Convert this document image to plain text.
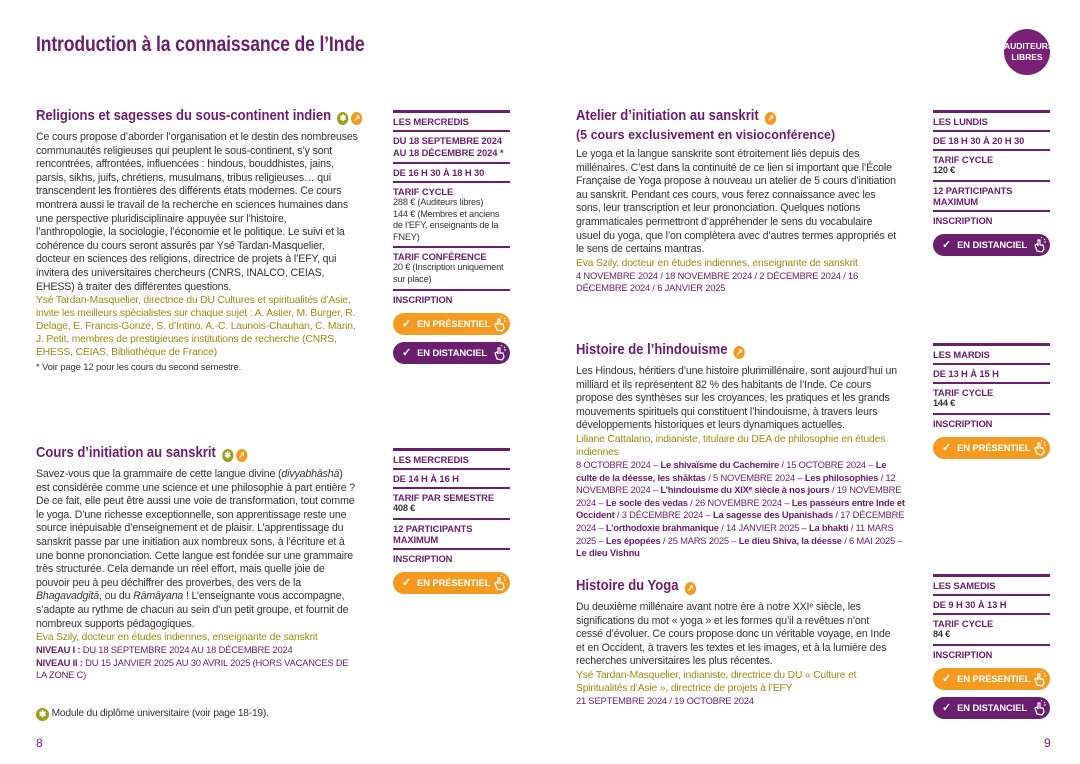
Introduction à la connaissance de l’Inde	AUDITEURS
LIBRES
Religions et sagesses du sous-continent indien ✱ ↗
Ce cours propose d’aborder l’organisation et le destin des nombreuses communautés religieuses qui peuplent le sous-continent, s’y sont rencontrées, affrontées, influencées : hindous, bouddhistes, jains, parsis, sikhs, juifs, chrétiens, musulmans, tribus religieuses… qui transcendent les frontières des différents états modernes. Ce cours montrera aussi le travail de la recherche en sciences humaines dans une perspective pluridisciplinaire appuyée sur l’histoire, l’anthropologie, la sociologie, l’économie et le politique. Le suivi et la cohérence du cours seront assurés par Ysé Tardan-Masquelier, docteur en sciences des religions, directrice de projets à l’EFY, qui invitera des universitaires chercheurs (CNRS, INALCO, CEIAS, EHESS) à traiter des différentes questions.
Ysé Tardan-Masquelier, directrice du DU Cultures et spiritualités d’Asie, invite les meilleurs spécialistes sur chaque sujet : A. Astier, M. Burger, R. Delage, E. Francis-Gonze, S. d’Intino, A.-C. Launois-Chauhan, C. Marin, J. Petit, membres de prestigieuses institutions de recherche (CNRS, EHESS, CEIAS, Bibliothèque de France)
* Voir page 12 pour les cours du second semestre.
LES MERCREDIS
DU 18 SEPTEMBRE 2024 AU 18 DÉCEMBRE 2024 *
DE 16 H 30 À 18 H 30
TARIF CYCLE
288 € (Auditeurs libres)
144 € (Membres et anciens de l’EFY, enseignants de la FNEY)
TARIF CONFÉRENCE
20 € (Inscription uniquement sur place)
INSCRIPTION
✓ EN PRÉSENTIEL
✓ EN DISTANCIEL
Cours d’initiation au sanskrit ✱ ↗
Savez-vous que la grammaire de cette langue divine (divyabhāshā) est considérée comme une science et une philosophie à part entière ? De ce fait, elle peut être aussi une voie de transformation, tout comme le yoga. D’une richesse exceptionnelle, son apprentissage reste une source inépuisable d’enseignement et de plaisir. L’apprentissage du sanskrit passe par une initiation aux nombreux sons, à l’écriture et à une bonne prononciation. Cette langue est fondée sur une grammaire très structurée. Cela demande un réel effort, mais quelle joie de pouvoir peu à peu déchiffrer des proverbes, des vers de la Bhagavadgītā, ou du Rāmāyana ! L’enseignante vous accompagne, s’adapte au rythme de chacun au sein d’un petit groupe, et fournit de nombreux supports pédagogiques.
Eva Szily, docteur en études indiennes, enseignante de sanskrit
NIVEAU I : DU 18 SEPTEMBRE 2024 AU 18 DÉCEMBRE 2024
NIVEAU II : DU 15 JANVIER 2025 AU 30 AVRIL 2025 (HORS VACANCES DE LA ZONE C)
LES MERCREDIS
DE 14 H À 16 H
TARIF PAR SEMESTRE
408 €
12 PARTICIPANTS MAXIMUM
INSCRIPTION
✓ EN PRÉSENTIEL
✱ Module du diplôme universitaire (voir page 18-19).
Atelier d’initiation au sanskrit ↗
(5 cours exclusivement en visioconférence)
Le yoga et la langue sanskrite sont étroitement liés depuis des millénaires. C’est dans la continuité de ce lien si important que l’École Française de Yoga propose à nouveau un atelier de 5 cours d’initiation au sanskrit. Pendant ces cours, vous ferez connaissance avec les sons, leur transcription et leur prononciation. Quelques notions grammaticales permettront d’appréhender le sens du vocabulaire usuel du yoga, que l’on complètera avec d’autres termes appropriés et le sens de certains mantras.
Eva Szily, docteur en études indiennes, enseignante de sanskrit
4 NOVEMBRE 2024 / 18 NOVEMBRE 2024 / 2 DÉCEMBRE 2024 / 16 DÉCEMBRE 2024 / 6 JANVIER 2025
LES LUNDIS
DE 18 H 30 À 20 H 30
TARIF CYCLE
120 €
12 PARTICIPANTS MAXIMUM
INSCRIPTION
✓ EN DISTANCIEL
Histoire de l’hindouisme ↗
Les Hindous, héritiers d’une histoire plurimillénaire, sont aujourd’hui un milliard et ils représentent 82 % des habitants de l’Inde. Ce cours propose des synthèses sur les croyances, les pratiques et les grands mouvements spirituels qui constituent l’hindouisme, à travers leurs développements historiques et leurs dynamiques actuelles.
Liliane Cattalano, indianiste, titulaire du DEA de philosophie en études indiennes
8 OCTOBRE 2024 – Le shivaïsme du Cachemire / 15 OCTOBRE 2024 – Le culte de la déesse, les shāktas / 5 NOVEMBRE 2024 – Les philosophies / 12 NOVEMBRE 2024 – L’hindouisme du XIXᵉ siècle à nos jours / 19 NOVEMBRE 2024 – Le socle des vedas / 26 NOVEMBRE 2024 – Les passeurs entre Inde et Occident / 3 DÉCEMBRE 2024 – La sagesse des Upanishads / 17 DÉCEMBRE 2024 – L’orthodoxie brahmanique / 14 JANVIER 2025 – La bhakti / 11 MARS 2025 – Les épopées / 25 MARS 2025 – Le dieu Shiva, la déesse / 6 MAI 2025 – Le dieu Vishnu
LES MARDIS
DE 13 H À 15 H
TARIF CYCLE
144 €
INSCRIPTION
✓ EN PRÉSENTIEL
Histoire du Yoga ↗
Du deuxième millénaire avant notre ère à notre XXIᵉ siècle, les significations du mot « yoga » et les formes qu’il a revêtues n’ont cessé d’évoluer. Ce cours propose donc un véritable voyage, en Inde et en Occident, à travers les textes et les images, et à la lumière des recherches universitaires les plus récentes.
Ysé Tardan-Masquelier, indianiste, directrice du DU « Culture et Spiritualités d’Asie », directrice de projets à l’EFY
21 SEPTEMBRE 2024 / 19 OCTOBRE 2024
LES SAMEDIS
DE 9 H 30 À 13 H
TARIF CYCLE
84 €
INSCRIPTION
✓ EN PRÉSENTIEL
✓ EN DISTANCIEL
8	9
